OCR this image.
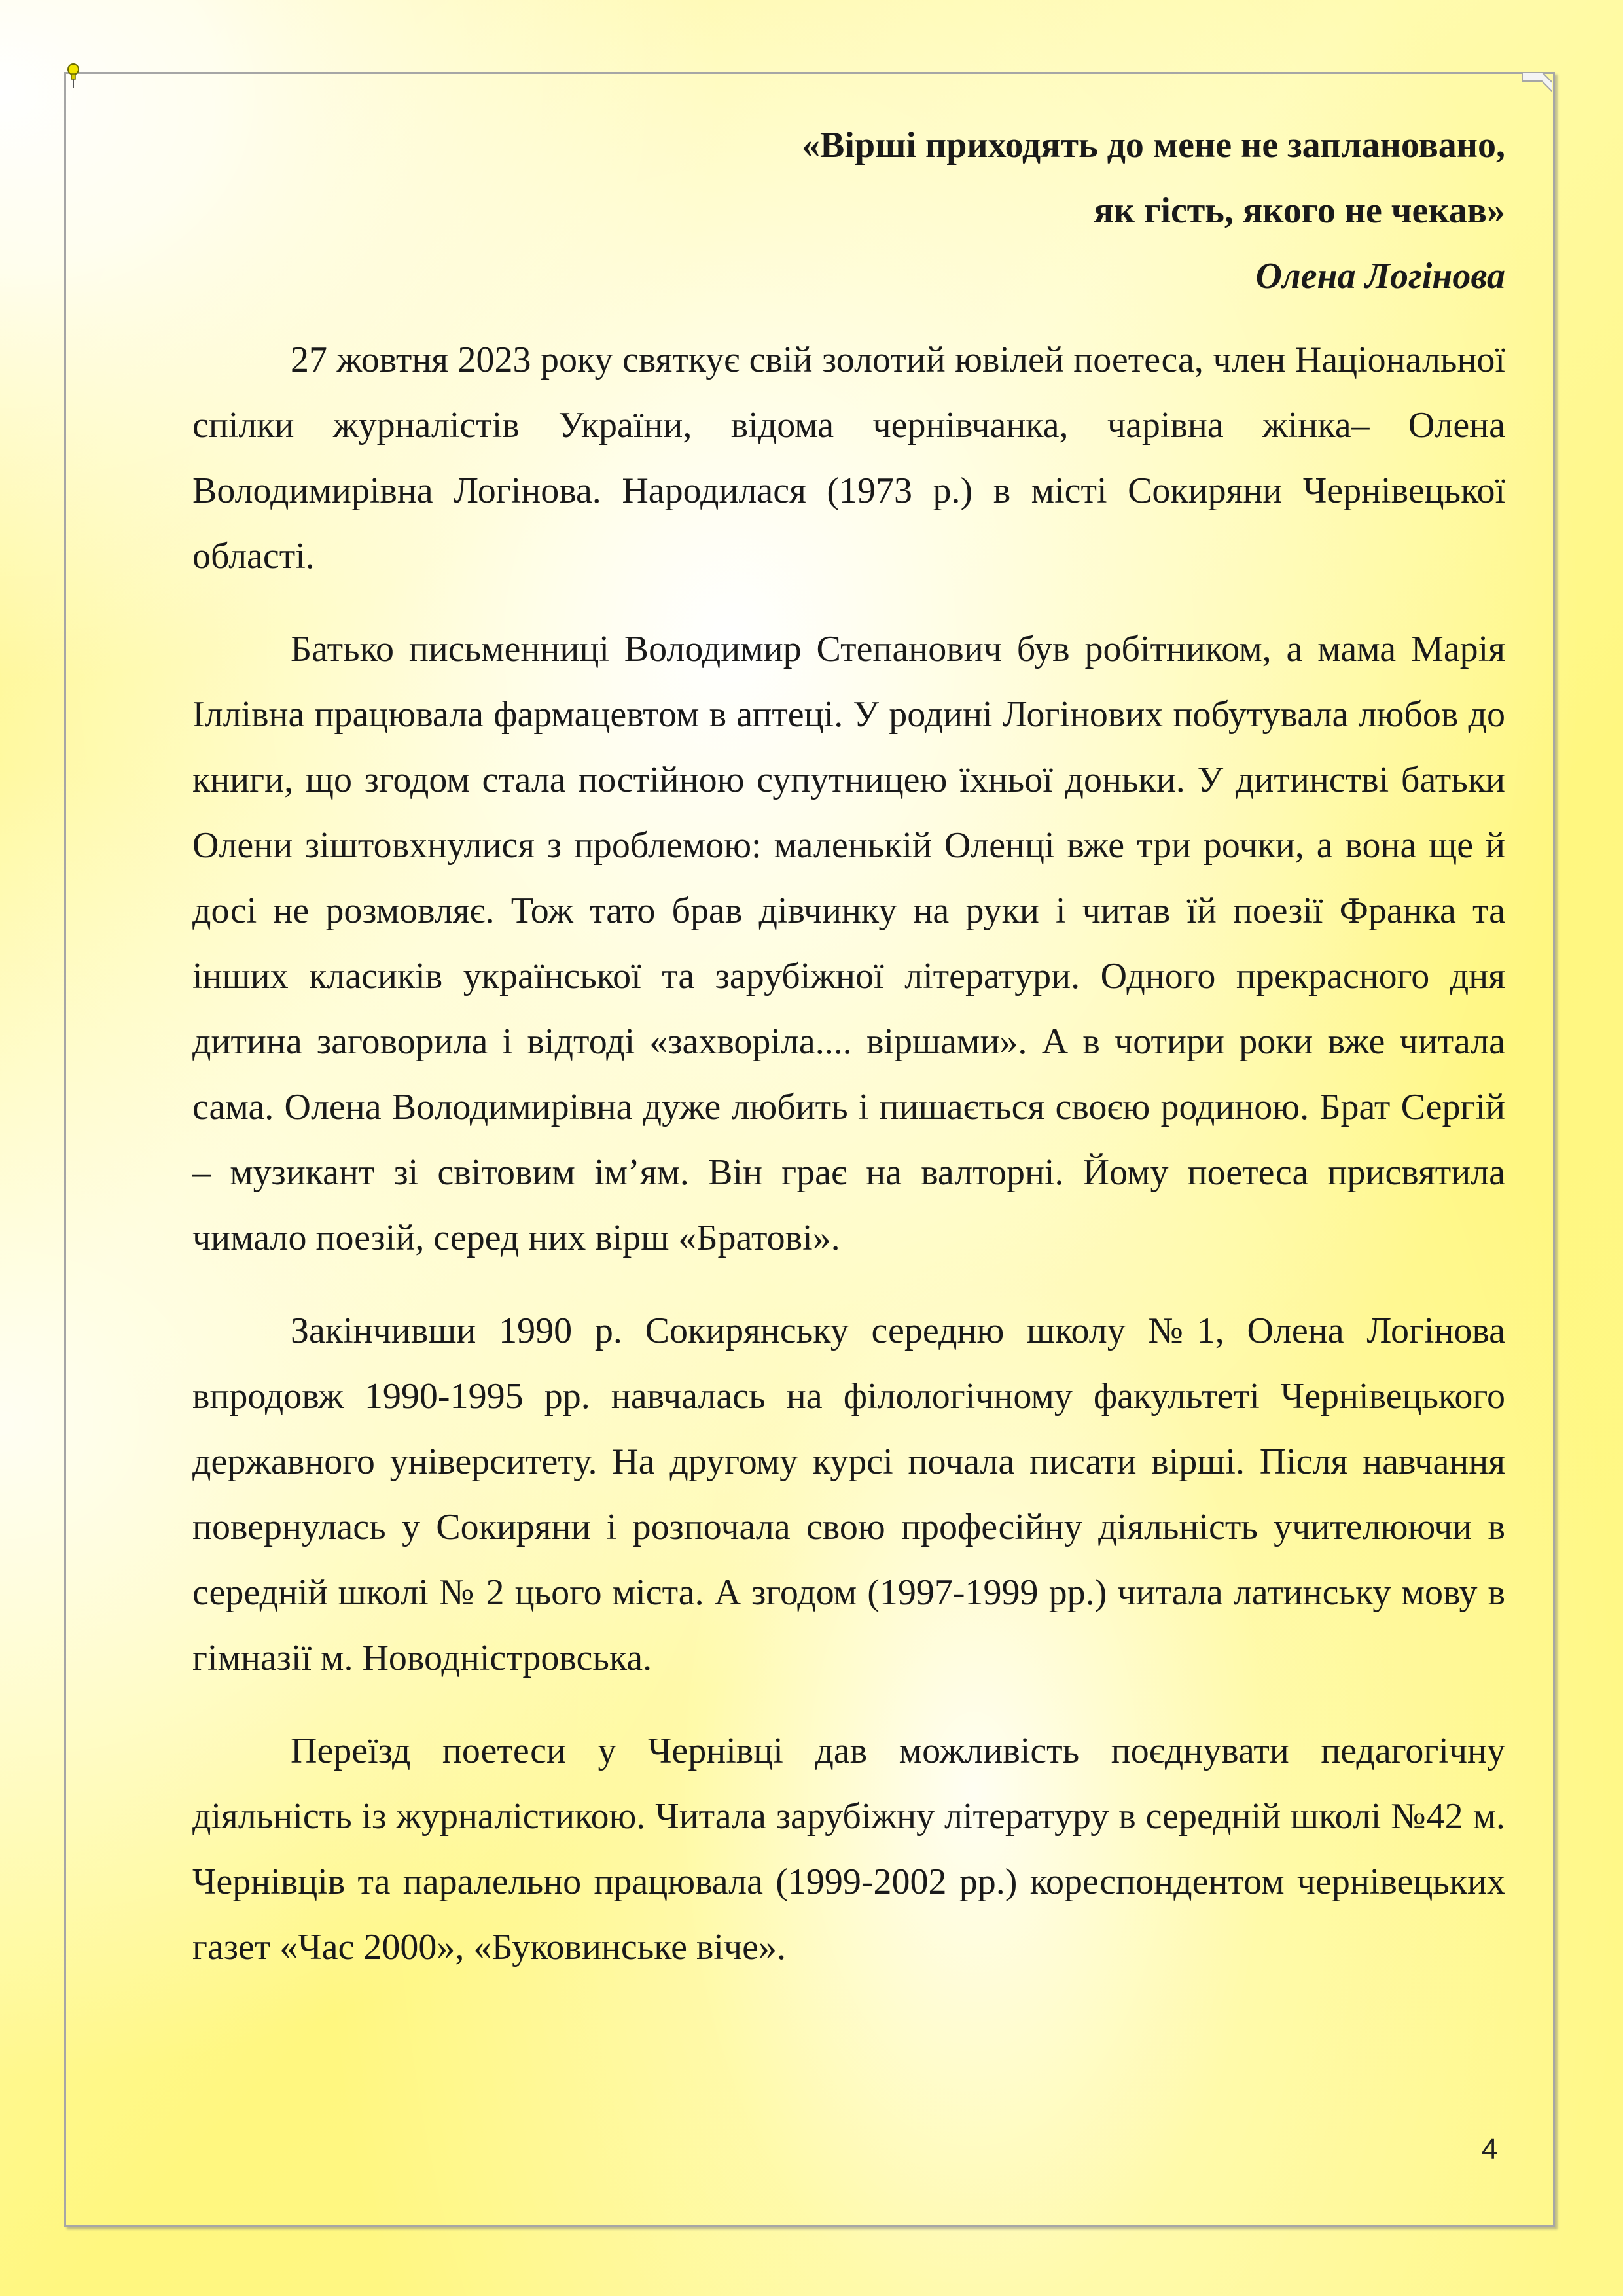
«Вірші приходять до мене не заплановано,
як гість, якого не чекав»
Олена Логінова

27 жовтня 2023 року святкує свій золотий ювілей поетеса, член Національної спілки журналістів України, відома чернівчанка, чарівна жінка– Олена Володимирівна Логінова. Народилася (1973 р.) в місті Сокиряни Чернівецької області.

Батько письменниці Володимир Степанович був робітником, а мама Марія Іллівна працювала фармацевтом в аптеці. У родині Логінових побутувала любов до книги, що згодом стала постійною супутницею їхньої доньки. У дитинстві батьки Олени зіштовхнулися з проблемою: маленькій Оленці вже три рочки, а вона ще й досі не розмовляє. Тож тато брав дівчинку на руки і читав їй поезії Франка та інших класиків української та зарубіжної літератури. Одного прекрасного дня дитина заговорила і відтоді «захворіла.... віршами». А в чотири роки вже читала сама. Олена Володимирівна дуже любить і пишається своєю родиною. Брат Сергій – музикант зі світовим ім’ям. Він грає на валторні. Йому поетеса присвятила чимало поезій, серед них вірш «Братові».

Закінчивши 1990 р. Сокирянську середню школу №1, Олена Логінова впродовж 1990-1995 рр. навчалась на філологічному факультеті Чернівецького державного університету. На другому курсі почала писати вірші. Після навчання повернулась у Сокиряни і розпочала свою професійну діяльність учителюючи в середній школі № 2 цього міста. А згодом (1997-1999 рр.) читала латинську мову в гімназії м. Новодністровська.

Переїзд поетеси у Чернівці дав можливість поєднувати педагогічну діяльність із журналістикою. Читала зарубіжну літературу в середній школі №42 м. Чернівців та паралельно працювала (1999-2002 рр.) кореспондентом чернівецьких газет «Час 2000», «Буковинське віче».

4
